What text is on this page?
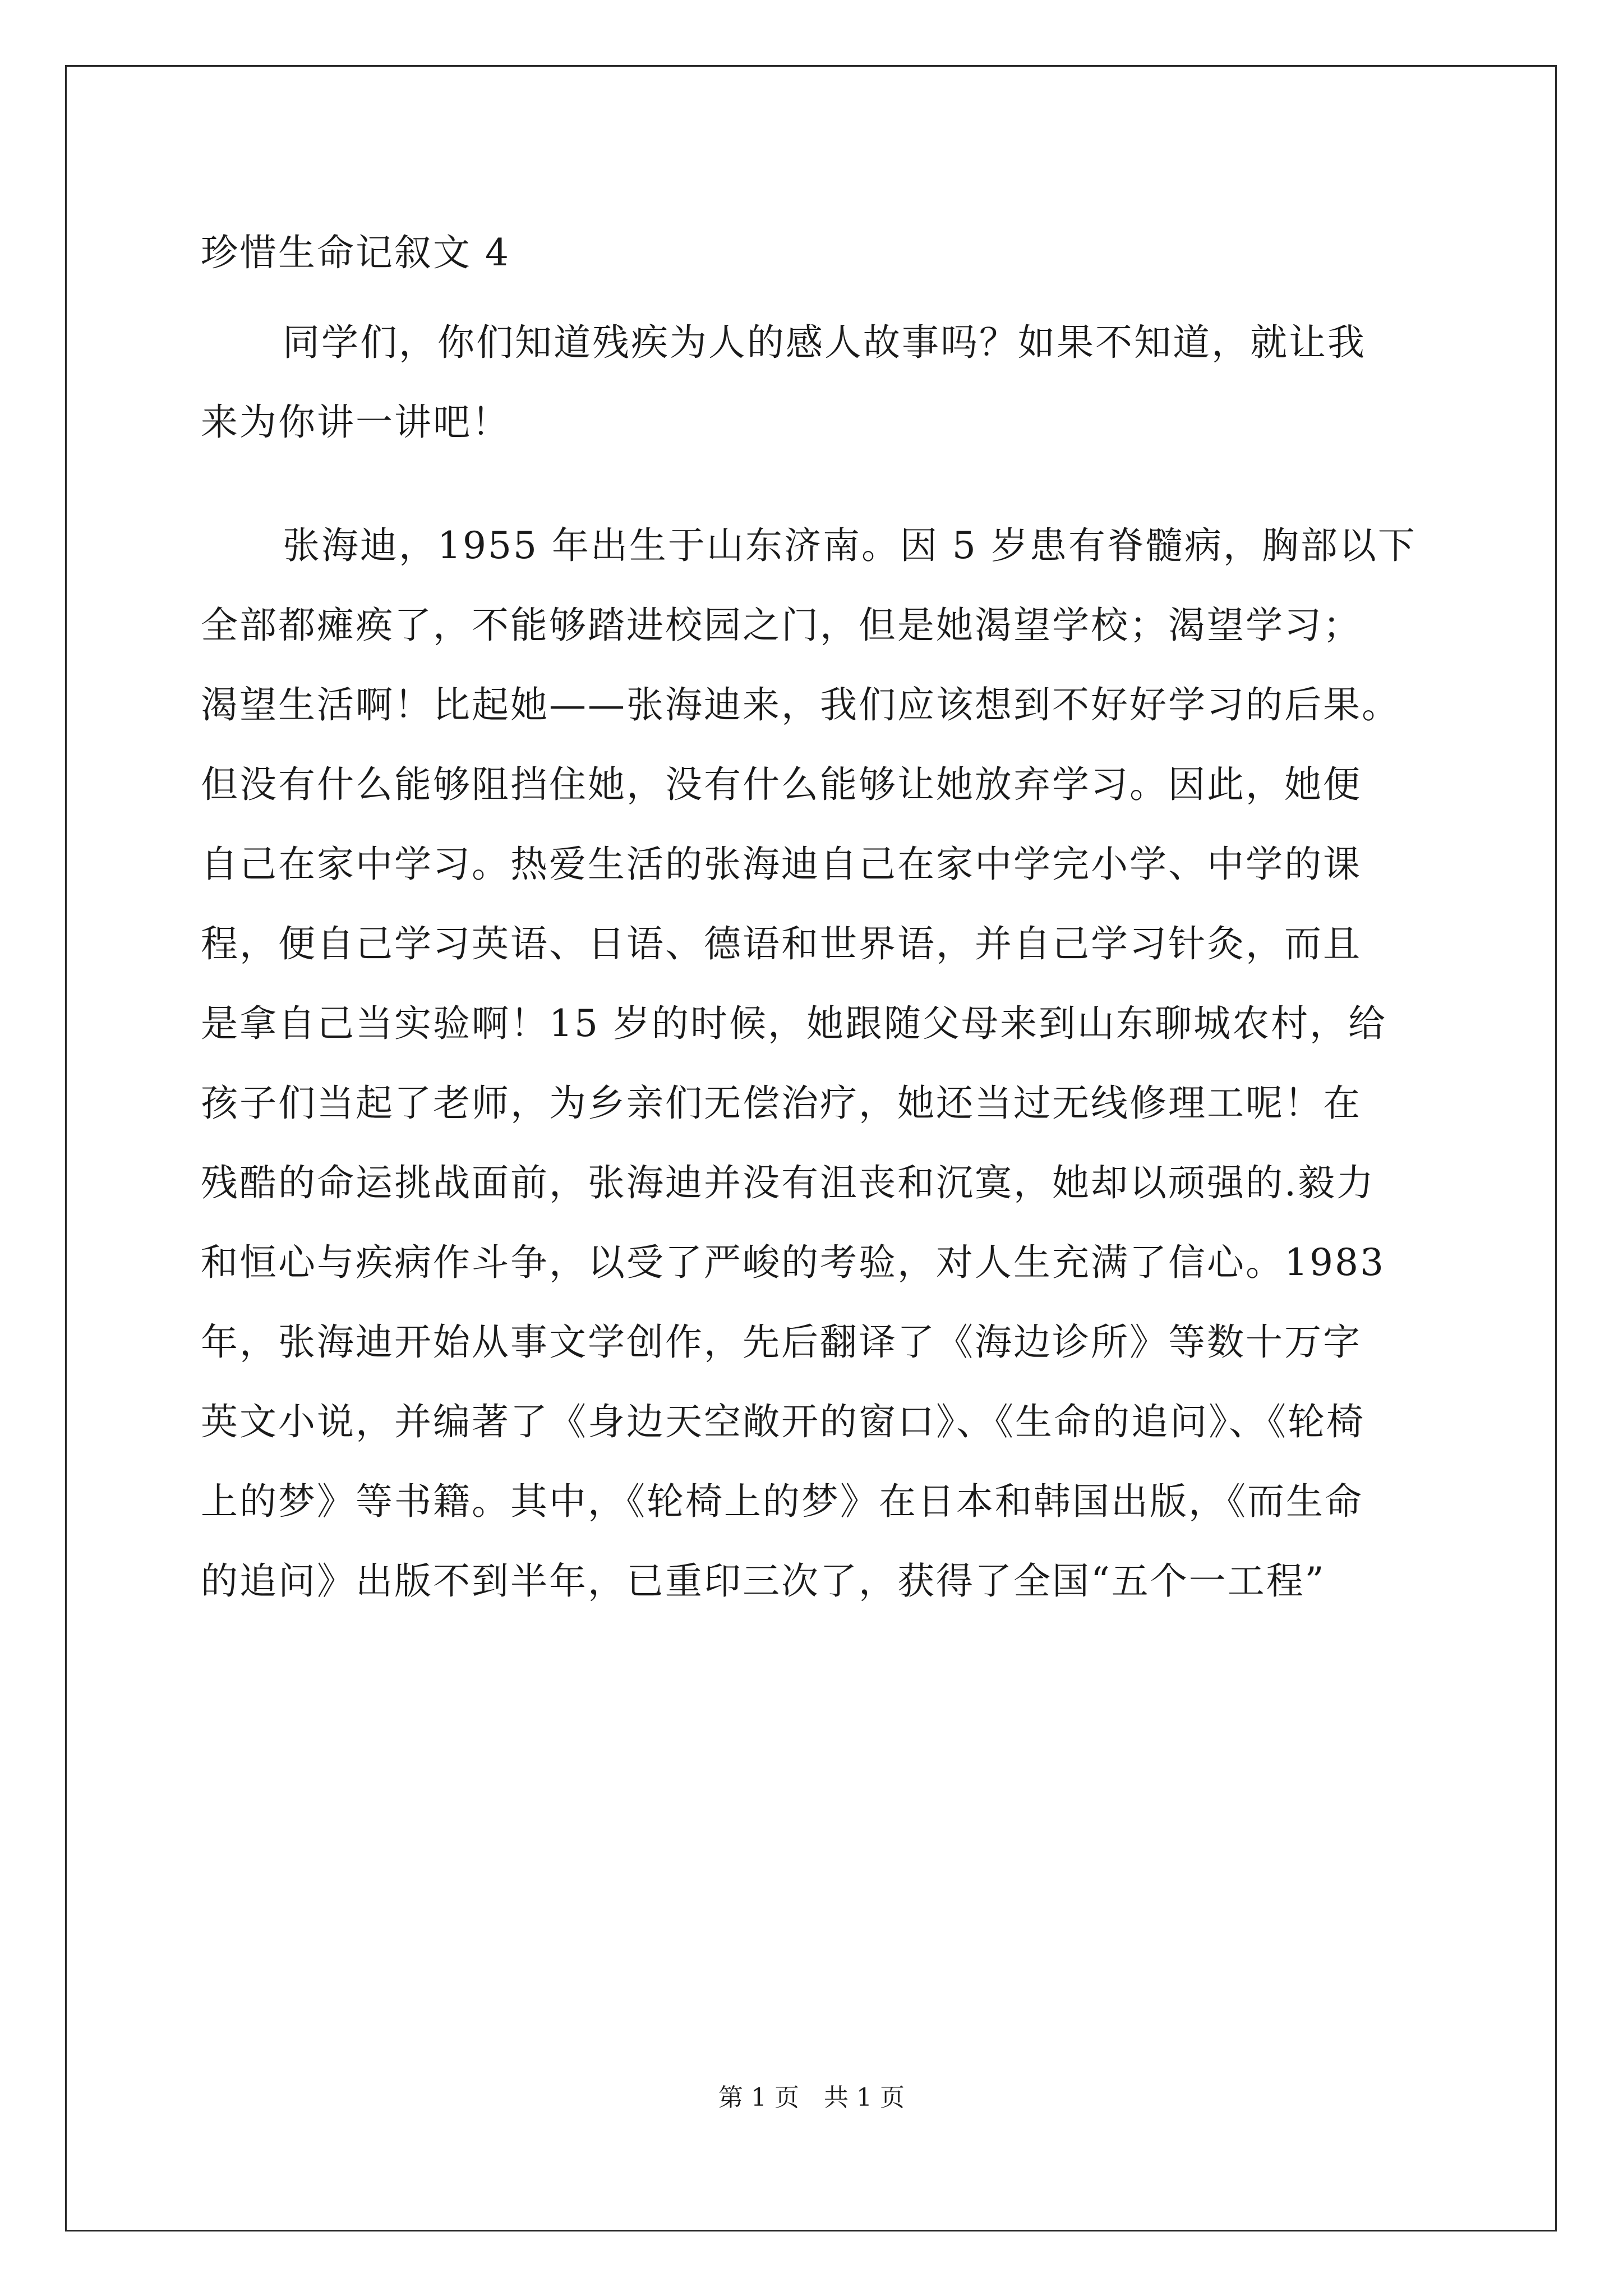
珍惜生命记叙文 4
同学们，你们知道残疾为人的感人故事吗？如果不知道，就让我
来为你讲一讲吧！
张海迪，1955 年出生于山东济南。因 5 岁患有脊髓病，胸部以下
全部都瘫痪了，不能够踏进校园之门，但是她渴望学校；渴望学习；
渴望生活啊！比起她——张海迪来，我们应该想到不好好学习的后果。
但没有什么能够阻挡住她，没有什么能够让她放弃学习。因此，她便
自己在家中学习。热爱生活的张海迪自己在家中学完小学、中学的课
程，便自己学习英语、日语、德语和世界语，并自己学习针灸，而且
是拿自己当实验啊！15 岁的时候，她跟随父母来到山东聊城农村，给
孩子们当起了老师，为乡亲们无偿治疗，她还当过无线修理工呢！在
残酷的命运挑战面前，张海迪并没有沮丧和沉寞，她却以顽强的.毅力
和恒心与疾病作斗争，以受了严峻的考验，对人生充满了信心。1983
年，张海迪开始从事文学创作，先后翻译了《海边诊所》等数十万字
英文小说，并编著了《身边天空敞开的窗口》、《生命的追问》、《轮椅
上的梦》等书籍。其中，《轮椅上的梦》在日本和韩国出版，《而生命
的追问》出版不到半年，已重印三次了，获得了全国“五个一工程”
第 1 页　共 1 页
